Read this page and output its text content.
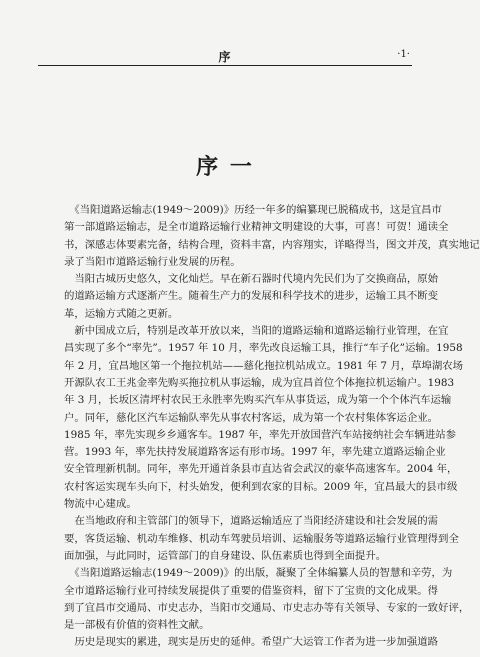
序	·1·
序 一
　《当阳道路运输志(1949～2009)》历经一年多的编纂现已脱稿成书，这是宜昌市
第一部道路运输志，是全市道路运输行业精神文明建设的大事，可喜！可贺！通读全
书，深感志体要素完备，结构合理，资料丰富，内容翔实，详略得当，图文并茂，真实地记
录了当阳市道路运输行业发展的历程。
　当阳古城历史悠久，文化灿烂。早在新石器时代境内先民们为了交换商品，原始
的道路运输方式逐渐产生。随着生产力的发展和科学技术的进步，运输工具不断变
革，运输方式随之更新。
　新中国成立后，特别是改革开放以来，当阳的道路运输和道路运输行业管理，在宜
昌实现了多个“率先”。1957 年 10 月，率先改良运输工具，推行“车子化”运输。1958
年 2 月，宜昌地区第一个拖拉机站——慈化拖拉机站成立。1981 年 7 月，草埠湖农场
开源队农工王兆金率先购买拖拉机从事运输，成为宜昌首位个体拖拉机运输户。1983
年 3 月，长坂区清坪村农民王永胜率先购买汽车从事货运，成为第一个个体汽车运输
户。同年，慈化区汽车运输队率先从事农村客运，成为第一个农村集体客运企业。
1985 年，率先实现乡乡通客车。1987 年，率先开放国营汽车站接纳社会车辆进站参
营。1993 年，率先扶持发展道路客运有形市场。1997 年，率先建立道路运输企业
安全管理新机制。同年，率先开通首条县市直达省会武汉的豪华高速客车。2004 年，
农村客运实现车头向下，村头始发，便利到农家的目标。2009 年，宜昌最大的县市级
物流中心建成。
　在当地政府和主管部门的领导下，道路运输适应了当阳经济建设和社会发展的需
要，客货运输、机动车维修、机动车驾驶员培训、运输服务等道路运输行业管理得到全
面加强，与此同时，运管部门的自身建设、队伍素质也得到全面提升。
　《当阳道路运输志(1949～2009)》的出版，凝聚了全体编纂人员的智慧和辛劳，为
全市道路运输行业可持续发展提供了重要的借鉴资料，留下了宝贵的文化成果。得
到了宜昌市交通局、市史志办，当阳市交通局、市史志办等有关领导、专家的一致好评，
是一部极有价值的资料性文献。
　历史是现实的累进，现实是历史的延伸。希望广大运管工作者为进一步加强道路
